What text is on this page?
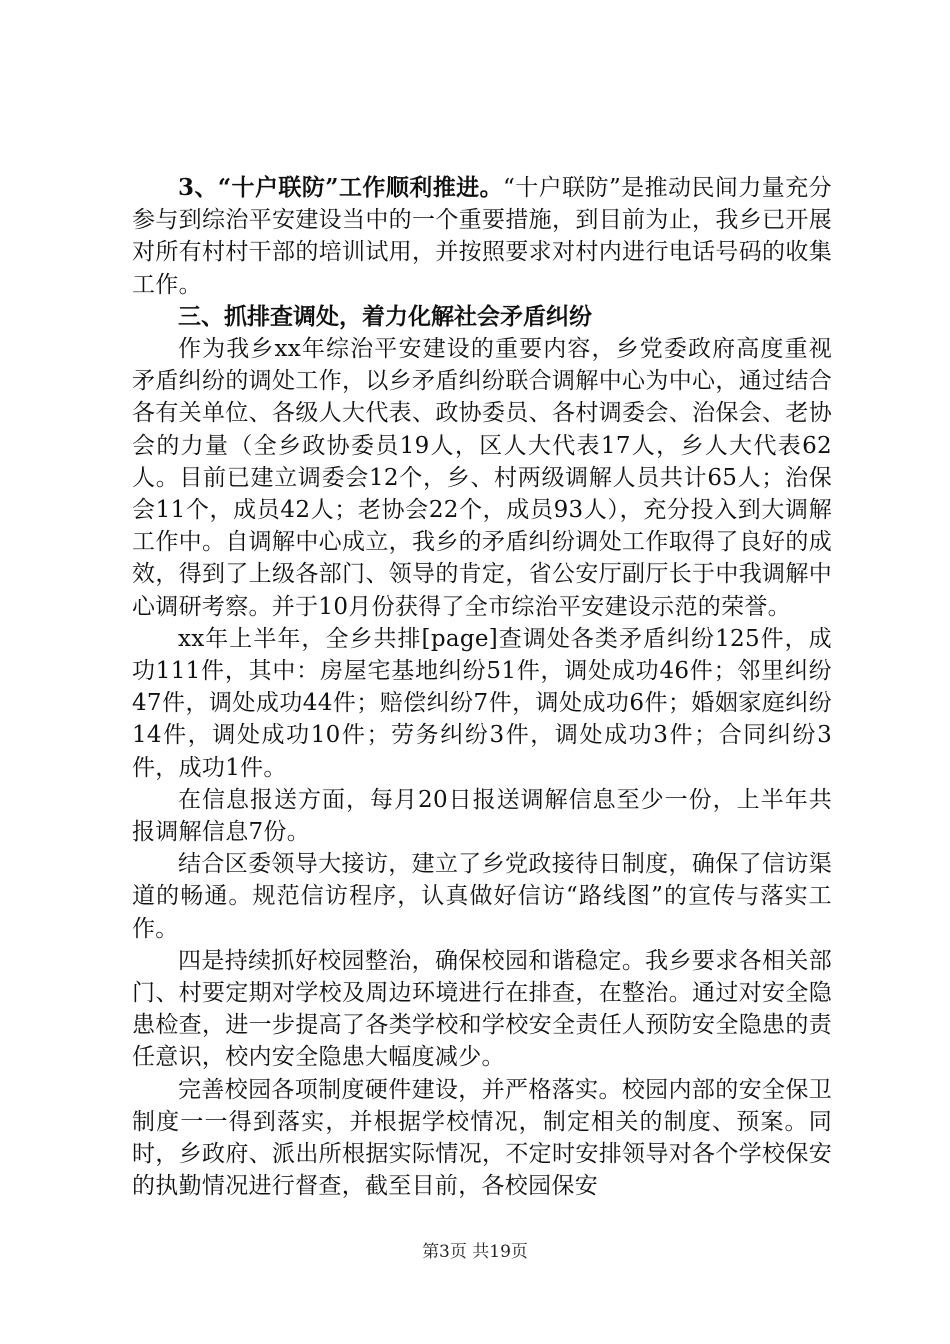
3、“十户联防”工作顺利推进。“十户联防”是推动民间力量充分参与到综治平安建设当中的一个重要措施，到目前为止，我乡已开展对所有村村干部的培训试用，并按照要求对村内进行电话号码的收集工作。

三、抓排查调处，着力化解社会矛盾纠纷

作为我乡xx年综治平安建设的重要内容，乡党委政府高度重视矛盾纠纷的调处工作，以乡矛盾纠纷联合调解中心为中心，通过结合各有关单位、各级人大代表、政协委员、各村调委会、治保会、老协会的力量（全乡政协委员19人，区人大代表17人，乡人大代表62人。目前已建立调委会12个，乡、村两级调解人员共计65人；治保会11个，成员42人；老协会22个，成员93人），充分投入到大调解工作中。自调解中心成立，我乡的矛盾纠纷调处工作取得了良好的成效，得到了上级各部门、领导的肯定，省公安厅副厅长于中我调解中心调研考察。并于10月份获得了全市综治平安建设示范的荣誉。

xx年上半年，全乡共排[page]查调处各类矛盾纠纷125件，成功111件，其中：房屋宅基地纠纷51件，调处成功46件；邻里纠纷47件，调处成功44件；赔偿纠纷7件，调处成功6件；婚姻家庭纠纷14件，调处成功10件；劳务纠纷3件，调处成功3件；合同纠纷3件，成功1件。

在信息报送方面，每月20日报送调解信息至少一份，上半年共报调解信息7份。

结合区委领导大接访，建立了乡党政接待日制度，确保了信访渠道的畅通。规范信访程序，认真做好信访“路线图”的宣传与落实工作。

四是持续抓好校园整治，确保校园和谐稳定。我乡要求各相关部门、村要定期对学校及周边环境进行在排查，在整治。通过对安全隐患检查，进一步提高了各类学校和学校安全责任人预防安全隐患的责任意识，校内安全隐患大幅度减少。

完善校园各项制度硬件建设，并严格落实。校园内部的安全保卫制度一一得到落实，并根据学校情况，制定相关的制度、预案。同时，乡政府、派出所根据实际情况，不定时安排领导对各个学校保安的执勤情况进行督查，截至目前，各校园保安

第3页 共19页
